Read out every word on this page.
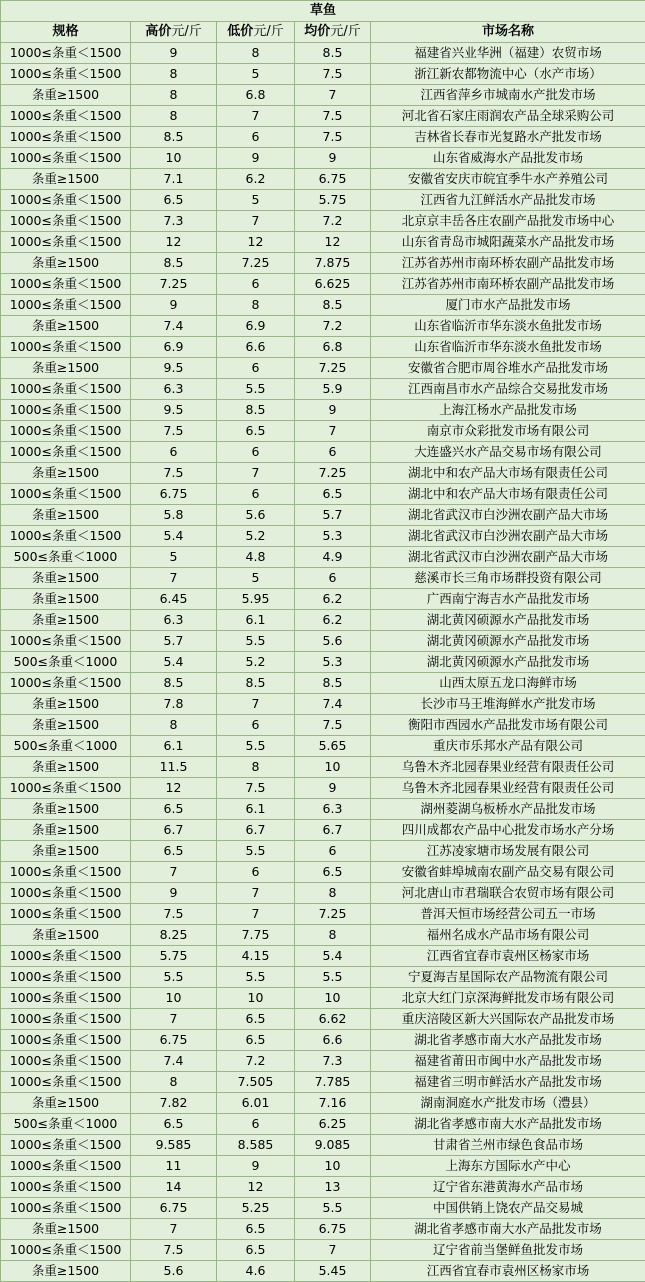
草鱼				
规格	高价元/斤	低价元/斤	均价元/斤	市场名称
1000≤条重＜1500	9	8	8.5	福建省兴业华洲（福建）农贸市场
1000≤条重＜1500	8	5	7.5	浙江新农都物流中心（水产市场）
条重≥1500	8	6.8	7	江西省萍乡市城南水产批发市场
1000≤条重＜1500	8	7	7.5	河北省石家庄雨润农产品全球采购公司
1000≤条重＜1500	8.5	6	7.5	吉林省长春市光复路水产批发市场
1000≤条重＜1500	10	9	9	山东省威海水产品批发市场
条重≥1500	7.1	6.2	6.75	安徽省安庆市皖宜季牛水产养殖公司
1000≤条重＜1500	6.5	5	5.75	江西省九江鲜活水产品批发市场
1000≤条重＜1500	7.3	7	7.2	北京京丰岳各庄农副产品批发市场中心
1000≤条重＜1500	12	12	12	山东省青岛市城阳蔬菜水产品批发市场
条重≥1500	8.5	7.25	7.875	江苏省苏州市南环桥农副产品批发市场
1000≤条重＜1500	7.25	6	6.625	江苏省苏州市南环桥农副产品批发市场
1000≤条重＜1500	9	8	8.5	厦门市水产品批发市场
条重≥1500	7.4	6.9	7.2	山东省临沂市华东淡水鱼批发市场
1000≤条重＜1500	6.9	6.6	6.8	山东省临沂市华东淡水鱼批发市场
条重≥1500	9.5	6	7.25	安徽省合肥市周谷堆水产品批发市场
1000≤条重＜1500	6.3	5.5	5.9	江西南昌市水产品综合交易批发市场
1000≤条重＜1500	9.5	8.5	9	上海江杨水产品批发市场
1000≤条重＜1500	7.5	6.5	7	南京市众彩批发市场有限公司
1000≤条重＜1500	6	6	6	大连盛兴水产品交易市场有限公司
条重≥1500	7.5	7	7.25	湖北中和农产品大市场有限责任公司
1000≤条重＜1500	6.75	6	6.5	湖北中和农产品大市场有限责任公司
条重≥1500	5.8	5.6	5.7	湖北省武汉市白沙洲农副产品大市场
1000≤条重＜1500	5.4	5.2	5.3	湖北省武汉市白沙洲农副产品大市场
500≤条重＜1000	5	4.8	4.9	湖北省武汉市白沙洲农副产品大市场
条重≥1500	7	5	6	慈溪市长三角市场群投资有限公司
条重≥1500	6.45	5.95	6.2	广西南宁海吉水产品批发市场
条重≥1500	6.3	6.1	6.2	湖北黄冈硕源水产品批发市场
1000≤条重＜1500	5.7	5.5	5.6	湖北黄冈硕源水产品批发市场
500≤条重＜1000	5.4	5.2	5.3	湖北黄冈硕源水产品批发市场
1000≤条重＜1500	8.5	8.5	8.5	山西太原五龙口海鲜市场
条重≥1500	7.8	7	7.4	长沙市马王堆海鲜水产批发市场
条重≥1500	8	6	7.5	衡阳市西园水产品批发市场有限公司
500≤条重＜1000	6.1	5.5	5.65	重庆市乐邦水产品有限公司
条重≥1500	11.5	8	10	乌鲁木齐北园春果业经营有限责任公司
1000≤条重＜1500	12	7.5	9	乌鲁木齐北园春果业经营有限责任公司
条重≥1500	6.5	6.1	6.3	湖州菱湖乌板桥水产品批发市场
条重≥1500	6.7	6.7	6.7	四川成都农产品中心批发市场水产分场
条重≥1500	6.5	5.5	6	江苏凌家塘市场发展有限公司
1000≤条重＜1500	7	6	6.5	安徽省蚌埠城南农副产品交易有限公司
1000≤条重＜1500	9	7	8	河北唐山市君瑞联合农贸市场有限公司
1000≤条重＜1500	7.5	7	7.25	普洱天恒市场经营公司五一市场
条重≥1500	8.25	7.75	8	福州名成水产品市场有限公司
1000≤条重＜1500	5.75	4.15	5.4	江西省宜春市袁州区杨家市场
1000≤条重＜1500	5.5	5.5	5.5	宁夏海吉星国际农产品物流有限公司
1000≤条重＜1500	10	10	10	北京大红门京深海鲜批发市场有限公司
1000≤条重＜1500	7	6.5	6.62	重庆涪陵区新大兴国际农产品批发市场
1000≤条重＜1500	6.75	6.5	6.6	湖北省孝感市南大水产品批发市场
1000≤条重＜1500	7.4	7.2	7.3	福建省莆田市闽中水产品批发市场
1000≤条重＜1500	8	7.505	7.785	福建省三明市鲜活水产品批发市场
条重≥1500	7.82	6.01	7.16	湖南洞庭水产批发市场（澧县）
500≤条重＜1000	6.5	6	6.25	湖北省孝感市南大水产品批发市场
1000≤条重＜1500	9.585	8.585	9.085	甘肃省兰州市绿色食品市场
1000≤条重＜1500	11	9	10	上海东方国际水产中心
1000≤条重＜1500	14	12	13	辽宁省东港黄海水产品市场
1000≤条重＜1500	6.75	5.25	5.5	中国供销上饶农产品交易城
条重≥1500	7	6.5	6.75	湖北省孝感市南大水产品批发市场
1000≤条重＜1500	7.5	6.5	7	辽宁省前当堡鲜鱼批发市场
条重≥1500	5.6	4.6	5.45	江西省宜春市袁州区杨家市场
